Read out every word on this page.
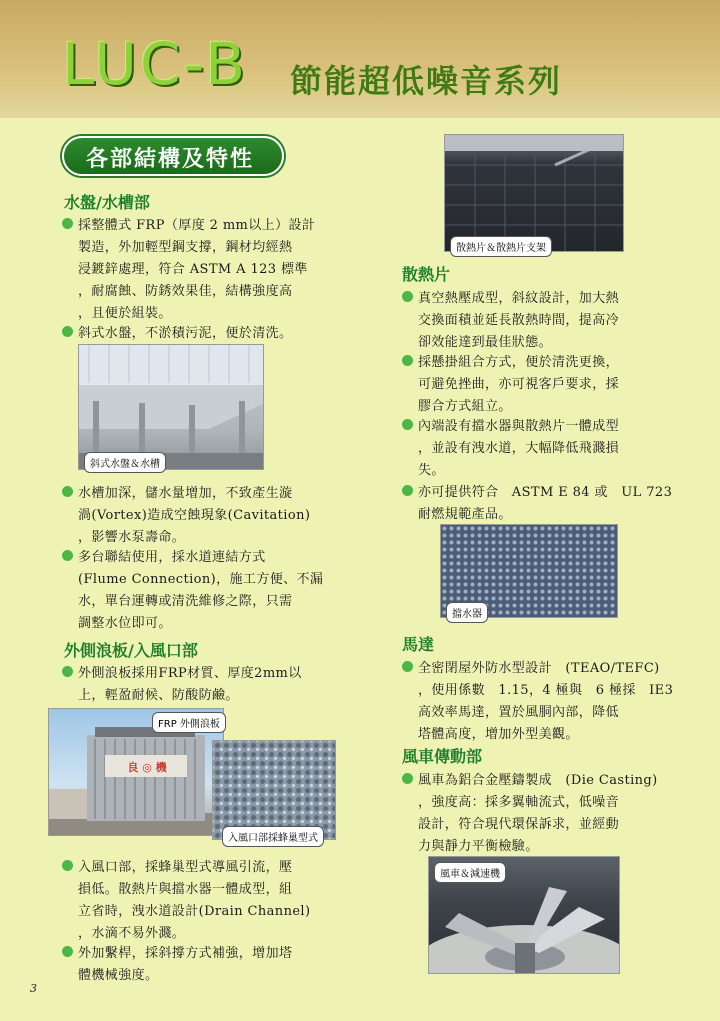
LUC-B 節能超低噪音系列
各部結構及特性
水盤/水槽部
採整體式 FRP（厚度 2 mm以上）設計
製造，外加輕型鋼支撐，鋼材均經熱
浸鍍鋅處理，符合 ASTM A 123 標準
，耐腐蝕、防銹效果佳，結構強度高
，且便於組裝。
斜式水盤，不淤積污泥，便於清洗。
斜式水盤＆水槽
水槽加深，儲水量增加，不致產生漩
渦(Vortex)造成空蝕現象(Cavitation)
，影響水泵壽命。
多台聯結使用，採水道連結方式
(Flume Connection)，施工方便、不漏
水，單台運轉或清洗維修之際，只需
調整水位即可。
外側浪板/入風口部
外側浪板採用FRP材質、厚度2mm以
上，輕盈耐候、防酸防鹼。
良 ◎ 機
FRP 外側浪板
入風口部採蜂巢型式
入風口部，採蜂巢型式導風引流，壓
損低。散熱片與擋水器一體成型，組
立省時，洩水道設計(Drain Channel)
，水滴不易外濺。
外加繫桿，採斜撐方式補強，增加塔
體機械強度。
散熱片＆散熱片支架
散熱片
真空熱壓成型，斜紋設計，加大熱
交換面積並延長散熱時間，提高冷
卻效能達到最佳狀態。
採懸掛組合方式，便於清洗更換，
可避免挫曲，亦可視客戶要求，採
膠合方式組立。
內端設有擋水器與散熱片一體成型
，並設有洩水道，大幅降低飛濺損
失。
亦可提供符合　ASTM E 84 或　UL 723
耐燃規範產品。
擋水器
馬達
全密閉屋外防水型設計　(TEAO/TEFC)
，使用係數　1.15，4 極與　6 極採　IE3
高效率馬達，置於風胴內部，降低
塔體高度，增加外型美觀。
風車傳動部
風車為鋁合金壓鑄製成　(Die Casting)
，強度高：採多翼軸流式，低噪音
設計，符合現代環保訴求，並經動
力與靜力平衡檢驗。
風車＆減速機
3
